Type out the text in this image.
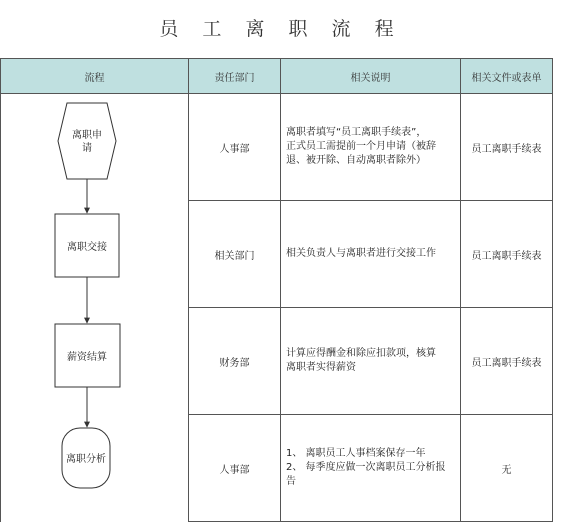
员 工 离 职 流 程
流程	责任部门	相关说明	相关文件或表单
	人事部	离职者填写“员工离职手续表”，
正式员工需提前一个月申请（被辞
退、被开除、自动离职者除外）	员工离职手续表
	相关部门	相关负责人与离职者进行交接工作	员工离职手续表
	财务部	计算应得酬金和除应扣款项，核算
离职者实得薪资	员工离职手续表
	人事部	1、 离职员工人事档案保存一年
2、 每季度应做一次离职员工分析报
告	无
离职申
请
离职交接
薪资结算
离职分析
